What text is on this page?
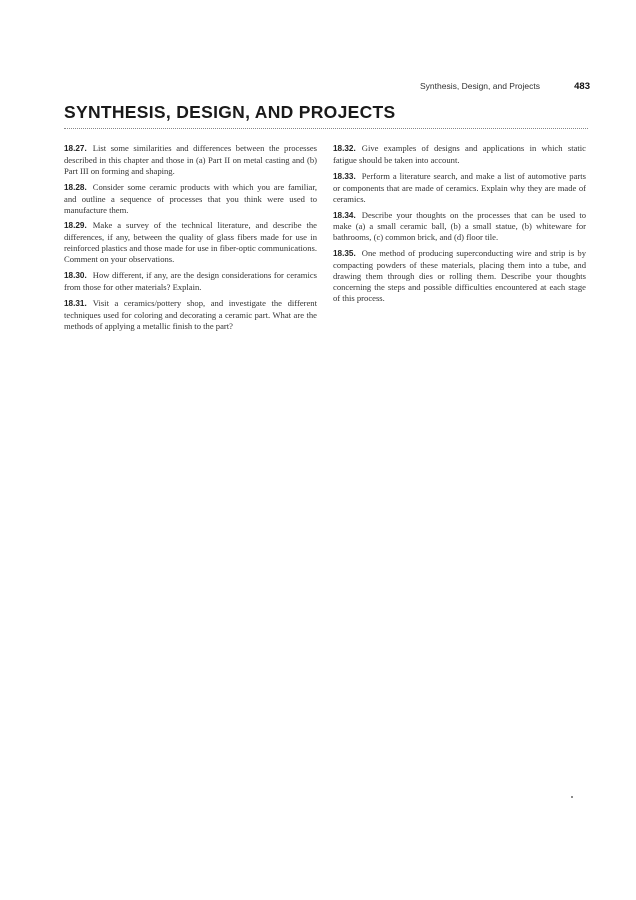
Synthesis, Design, and Projects	483
SYNTHESIS, DESIGN, AND PROJECTS

18.27. List some similarities and differences between the processes described in this chapter and those in (a) Part II on metal casting and (b) Part III on forming and shaping.

18.28. Consider some ceramic products with which you are familiar, and outline a sequence of processes that you think were used to manufacture them.

18.29. Make a survey of the technical literature, and describe the differences, if any, between the quality of glass fibers made for use in reinforced plastics and those made for use in fiber-optic communications. Comment on your observations.

18.30. How different, if any, are the design considerations for ceramics from those for other materials? Explain.

18.31. Visit a ceramics/pottery shop, and investigate the different techniques used for coloring and decorating a ceramic part. What are the methods of applying a metallic finish to the part?

18.32. Give examples of designs and applications in which static fatigue should be taken into account.

18.33. Perform a literature search, and make a list of automotive parts or components that are made of ceramics. Explain why they are made of ceramics.

18.34. Describe your thoughts on the processes that can be used to make (a) a small ceramic ball, (b) a small statue, (b) whiteware for bathrooms, (c) common brick, and (d) floor tile.

18.35. One method of producing superconducting wire and strip is by compacting powders of these materials, placing them into a tube, and drawing them through dies or rolling them. Describe your thoughts concerning the steps and possible difficulties encountered at each stage of this process.
